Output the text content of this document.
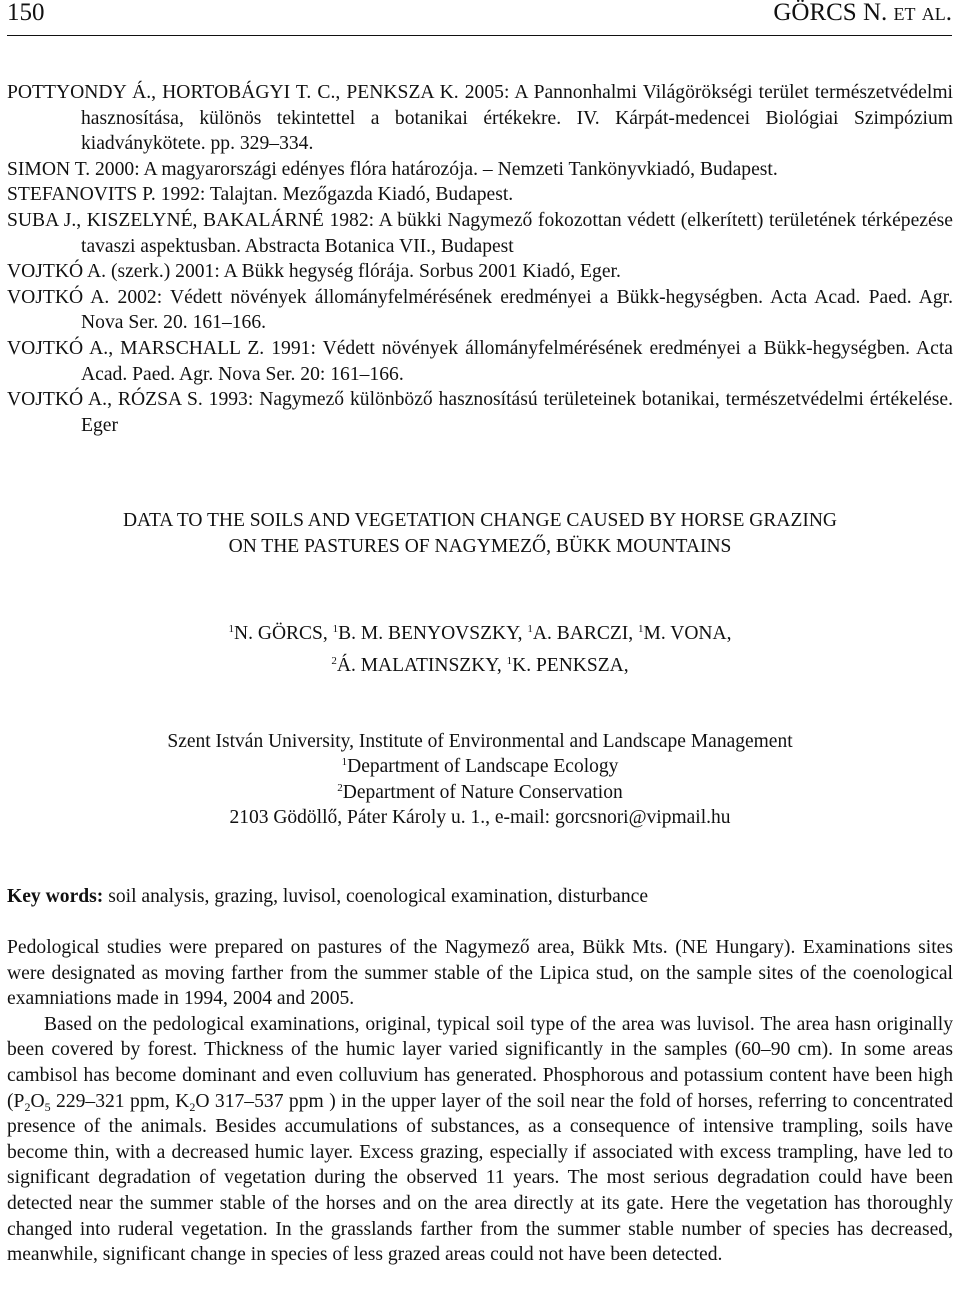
150	GÖRCS N. et al.

POTTYONDY Á., HORTOBÁGYI T. C., PENKSZA K. 2005: A Pannonhalmi Világörökségi terület természetvédelmi hasznosítása, különös tekintettel a botanikai értékekre. IV. Kárpát-medencei Biológiai Szimpózium kiadványkötete. pp. 329–334.

SIMON T. 2000: A magyarországi edényes flóra határozója. – Nemzeti Tankönyvkiadó, Budapest.

STEFANOVITS P. 1992: Talajtan. Mezőgazda Kiadó, Budapest.

SUBA J., KISZELYNÉ, BAKALÁRNÉ 1982: A bükki Nagymező fokozottan védett (elkerített) területének térképezése tavaszi aspektusban. Abstracta Botanica VII., Budapest

VOJTKÓ A. (szerk.) 2001: A Bükk hegység flórája. Sorbus 2001 Kiadó, Eger.

VOJTKÓ A. 2002: Védett növények állományfelmérésének eredményei a Bükk-hegységben. Acta Acad. Paed. Agr. Nova Ser. 20. 161–166.

VOJTKÓ A., MARSCHALL Z. 1991: Védett növények állományfelmérésének eredményei a Bükk-hegységben. Acta Acad. Paed. Agr. Nova Ser. 20: 161–166.

VOJTKÓ A., RÓZSA S. 1993: Nagymező különböző hasznosítású területeinek botanikai, természetvédelmi értékelése. Eger

DATA TO THE SOILS AND VEGETATION CHANGE CAUSED BY HORSE GRAZING
ON THE PASTURES OF NAGYMEZŐ, BÜKK MOUNTAINS
$^1$N. GÖRCS, $^1$B. M. BENYOVSZKY, $^1$A. BARCZI, $^1$M. VONA,
$^2$Á. MALATINSZKY, $^1$K. PENKSZA,
Szent István University, Institute of Environmental and Landscape Management
$^1$Department of Landscape Ecology
$^2$Department of Nature Conservation
2103 Gödöllő, Páter Károly u. 1., e-mail: gorcsnori@vipmail.hu
Key words: soil analysis, grazing, luvisol, coenological examination, disturbance

Pedological studies were prepared on pastures of the Nagymező area, Bükk Mts. (NE Hungary). Examinations sites were designated as moving farther from the summer stable of the Lipica stud, on the sample sites of the coenological examniations made in 1994, 2004 and 2005.

Based on the pedological examinations, original, typical soil type of the area was luvisol. The area hasn originally been covered by forest. Thickness of the humic layer varied significantly in the samples (60–90 cm). In some areas cambisol has become dominant and even colluvium has generated. Phosphorous and potassium content have been high ($P_2O_5$ 229–321 ppm, $K_2O$ 317–537 ppm ) in the upper layer of the soil near the fold of horses, referring to concentrated presence of the animals. Besides accumulations of substances, as a consequence of intensive trampling, soils have become thin, with a decreased humic layer. Excess grazing, especially if associated with excess trampling, have led to significant degradation of vegetation during the observed 11 years. The most serious degradation could have been detected near the summer stable of the horses and on the area directly at its gate. Here the vegetation has thoroughly changed into ruderal vegetation. In the grasslands farther from the summer stable number of species has decreased, meanwhile, significant change in species of less grazed areas could not have been detected.
